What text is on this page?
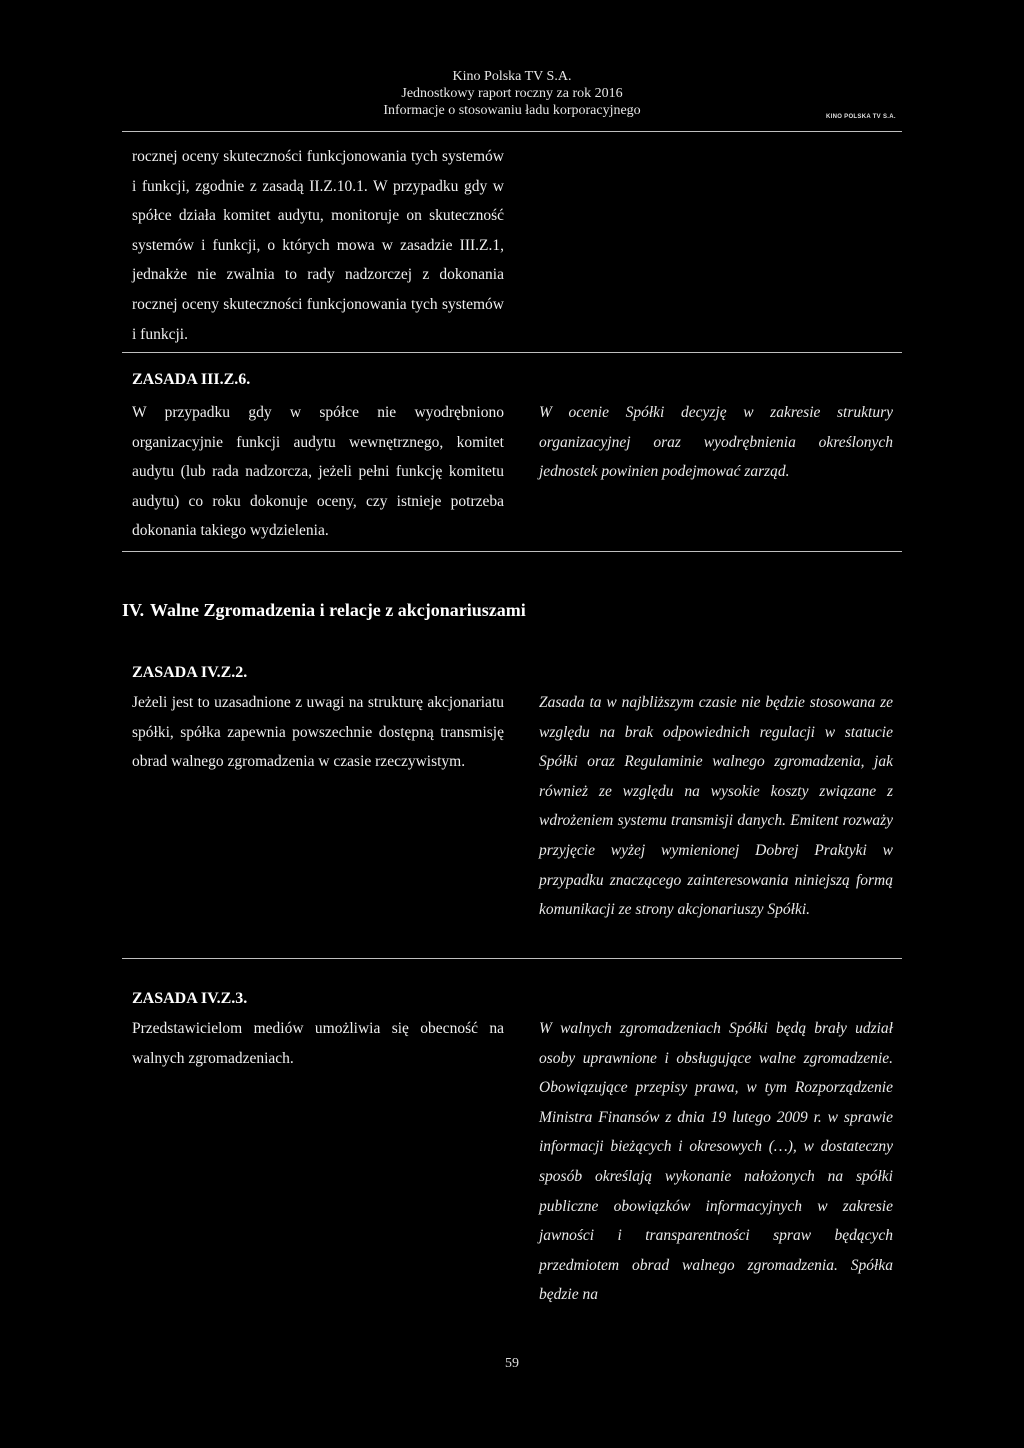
Kino Polska TV S.A.
Jednostkowy raport roczny za rok 2016
Informacje o stosowaniu ładu korporacyjnego	KINO POLSKA TV S.A.

rocznej oceny skuteczności funkcjonowania tych systemów i funkcji, zgodnie z zasadą II.Z.10.1. W przypadku gdy w spółce działa komitet audytu, monitoruje on skuteczność systemów i funkcji, o których mowa w zasadzie III.Z.1, jednakże nie zwalnia to rady nadzorczej z dokonania rocznej oceny skuteczności funkcjonowania tych systemów i funkcji.

ZASADA III.Z.6.

W przypadku gdy w spółce nie wyodrębniono organizacyjnie funkcji audytu wewnętrznego, komitet audytu (lub rada nadzorcza, jeżeli pełni funkcję komitetu audytu) co roku dokonuje oceny, czy istnieje potrzeba dokonania takiego wydzielenia.

W ocenie Spółki decyzję w zakresie struktury organizacyjnej oraz wyodrębnienia określonych jednostek powinien podejmować zarząd.

IV. Walne Zgromadzenia i relacje z akcjonariuszami
ZASADA IV.Z.2.

Jeżeli jest to uzasadnione z uwagi na strukturę akcjonariatu spółki, spółka zapewnia powszechnie dostępną transmisję obrad walnego zgromadzenia w czasie rzeczywistym.

Zasada ta w najbliższym czasie nie będzie stosowana ze względu na brak odpowiednich regulacji w statucie Spółki oraz Regulaminie walnego zgromadzenia, jak również ze względu na wysokie koszty związane z wdrożeniem systemu transmisji danych. Emitent rozważy przyjęcie wyżej wymienionej Dobrej Praktyki w przypadku znaczącego zainteresowania niniejszą formą komunikacji ze strony akcjonariuszy Spółki.

ZASADA IV.Z.3.

Przedstawicielom mediów umożliwia się obecność na walnych zgromadzeniach.

W walnych zgromadzeniach Spółki będą brały udział osoby uprawnione i obsługujące walne zgromadzenie. Obowiązujące przepisy prawa, w tym Rozporządzenie Ministra Finansów z dnia 19 lutego 2009 r. w sprawie informacji bieżących i okresowych (…), w dostateczny sposób określają wykonanie nałożonych na spółki publiczne obowiązków informacyjnych w zakresie jawności i transparentności spraw będących przedmiotem obrad walnego zgromadzenia. Spółka będzie na

59
